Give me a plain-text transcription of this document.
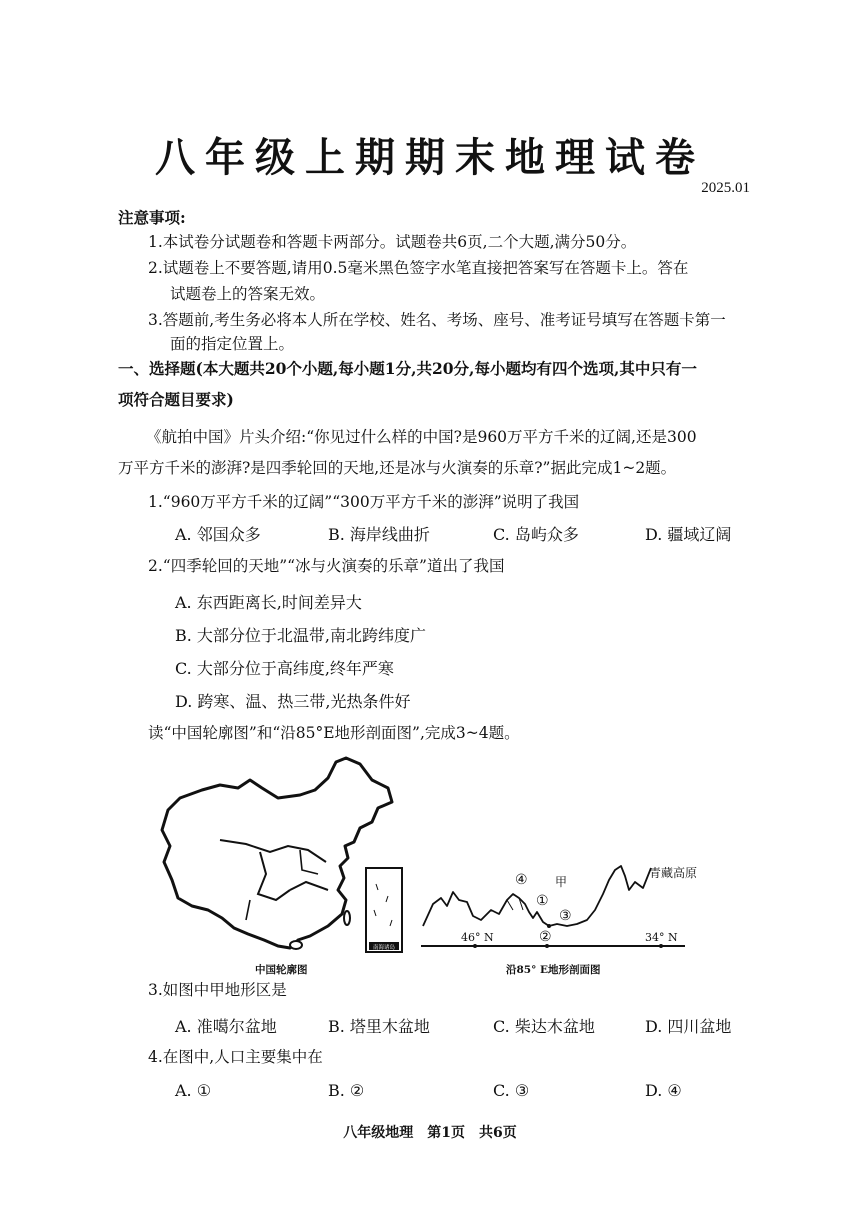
八年级上期期末地理试卷
2025.01
注意事项:
1.本试卷分试题卷和答题卡两部分。试题卷共6页,二个大题,满分50分。
2.试题卷上不要答题,请用0.5毫米黑色签字水笔直接把答案写在答题卡上。答在
试题卷上的答案无效。
3.答题前,考生务必将本人所在学校、姓名、考场、座号、准考证号填写在答题卡第一
面的指定位置上。
一、选择题(本大题共20个小题,每小题1分,共20分,每小题均有四个选项,其中只有一
项符合题目要求)
《航拍中国》片头介绍:“你见过什么样的中国?是960万平方千米的辽阔,还是300
万平方千米的澎湃?是四季轮回的天地,还是冰与火演奏的乐章?”据此完成1~2题。
1.“960万平方千米的辽阔”“300万平方千米的澎湃”说明了我国
A. 邻国众多	B. 海岸线曲折	C. 岛屿众多	D. 疆域辽阔
2.“四季轮回的天地”“冰与火演奏的乐章”道出了我国
A. 东西距离长,时间差异大
B. 大部分位于北温带,南北跨纬度广
C. 大部分位于高纬度,终年严寒
D. 跨寒、温、热三带,光热条件好
读“中国轮廓图”和“沿85°E地形剖面图”,完成3~4题。
南海诸岛
中国轮廓图
46° N	34° N
①
②
③
④ 甲
青藏高原
沿85° E地形剖面图
3.如图中甲地形区是
A. 准噶尔盆地	B. 塔里木盆地	C. 柴达木盆地	D. 四川盆地
4.在图中,人口主要集中在
A. ①	B. ②	C. ③	D. ④
八年级地理　第1页　共6页
